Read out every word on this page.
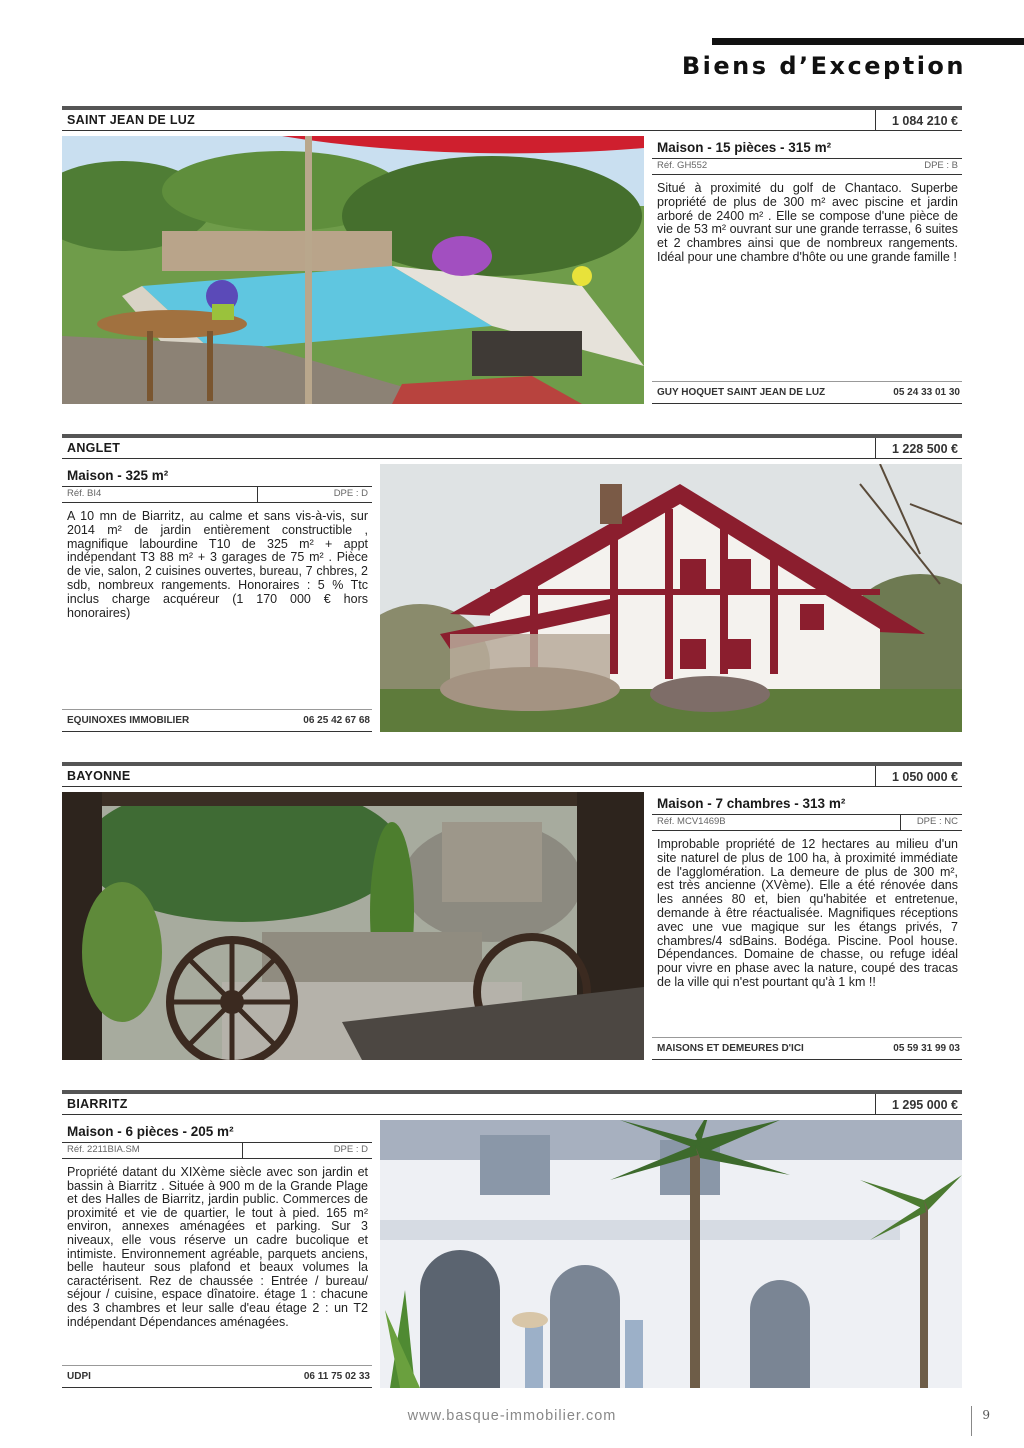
Biens d’Exception
SAINT JEAN DE LUZ	1 084 210 €
Maison - 15 pièces - 315 m²
Réf. GH552	DPE : B
Situé à proximité du golf de Chantaco. Superbe propriété de plus de 300 m² avec piscine et jardin arboré de 2400 m² . Elle se compose d'une pièce de vie de 53 m² ouvrant sur une grande terrasse, 6 suites et 2 chambres ainsi que de nombreux rangements. Idéal pour une chambre d'hôte ou une grande famille !
GUY HOQUET SAINT JEAN DE LUZ	05 24 33 01 30
ANGLET	1 228 500 €
Maison - 325 m²
Réf. BI4	DPE : D
A 10 mn de Biarritz, au calme et sans vis-à-vis, sur 2014 m² de jardin entièrement constructible , magnifique labourdine T10 de 325 m² + appt indépendant T3 88 m² + 3 garages de 75 m² . Pièce de vie, salon, 2 cuisines ouvertes, bureau, 7 chbres, 2 sdb, nombreux rangements. Honoraires : 5 % Ttc inclus charge acquéreur (1 170 000 € hors honoraires)
EQUINOXES IMMOBILIER	06 25 42 67 68
BAYONNE	1 050 000 €
Maison - 7 chambres - 313 m²
Réf. MCV1469B	DPE : NC
Improbable propriété de 12 hectares au milieu d'un site naturel de plus de 100 ha, à proximité immédiate de l'agglomération. La demeure de plus de 300 m², est très ancienne (XVème). Elle a été rénovée dans les années 80 et, bien qu'habitée et entretenue, demande à être réactualisée. Magnifiques réceptions avec une vue magique sur les étangs privés, 7 chambres/4 sdBains. Bodéga. Piscine. Pool house. Dépendances. Domaine de chasse, ou refuge idéal pour vivre en phase avec la nature, coupé des tracas de la ville qui n'est pourtant qu'à 1 km !!
MAISONS ET DEMEURES D'ICI	05 59 31 99 03
BIARRITZ	1 295 000 €
Maison - 6 pièces - 205 m²
Réf. 2211BIA.SM	DPE : D
Propriété datant du XIXème siècle avec son jardin et bassin à Biarritz . Située à 900 m de la Grande Plage et des Halles de Biarritz, jardin public. Commerces de proximité et vie de quartier, le tout à pied. 165 m² environ, annexes aménagées et parking. Sur 3 niveaux, elle vous réserve un cadre bucolique et intimiste. Environnement agréable, parquets anciens, belle hauteur sous plafond et beaux volumes la caractérisent. Rez de chaussée : Entrée / bureau/ séjour / cuisine, espace dînatoire. étage 1 : chacune des 3 chambres et leur salle d'eau étage 2 : un T2 indépendant Dépendances aménagées.
UDPI	06 11 75 02 33
www.basque-immobilier.com	9
